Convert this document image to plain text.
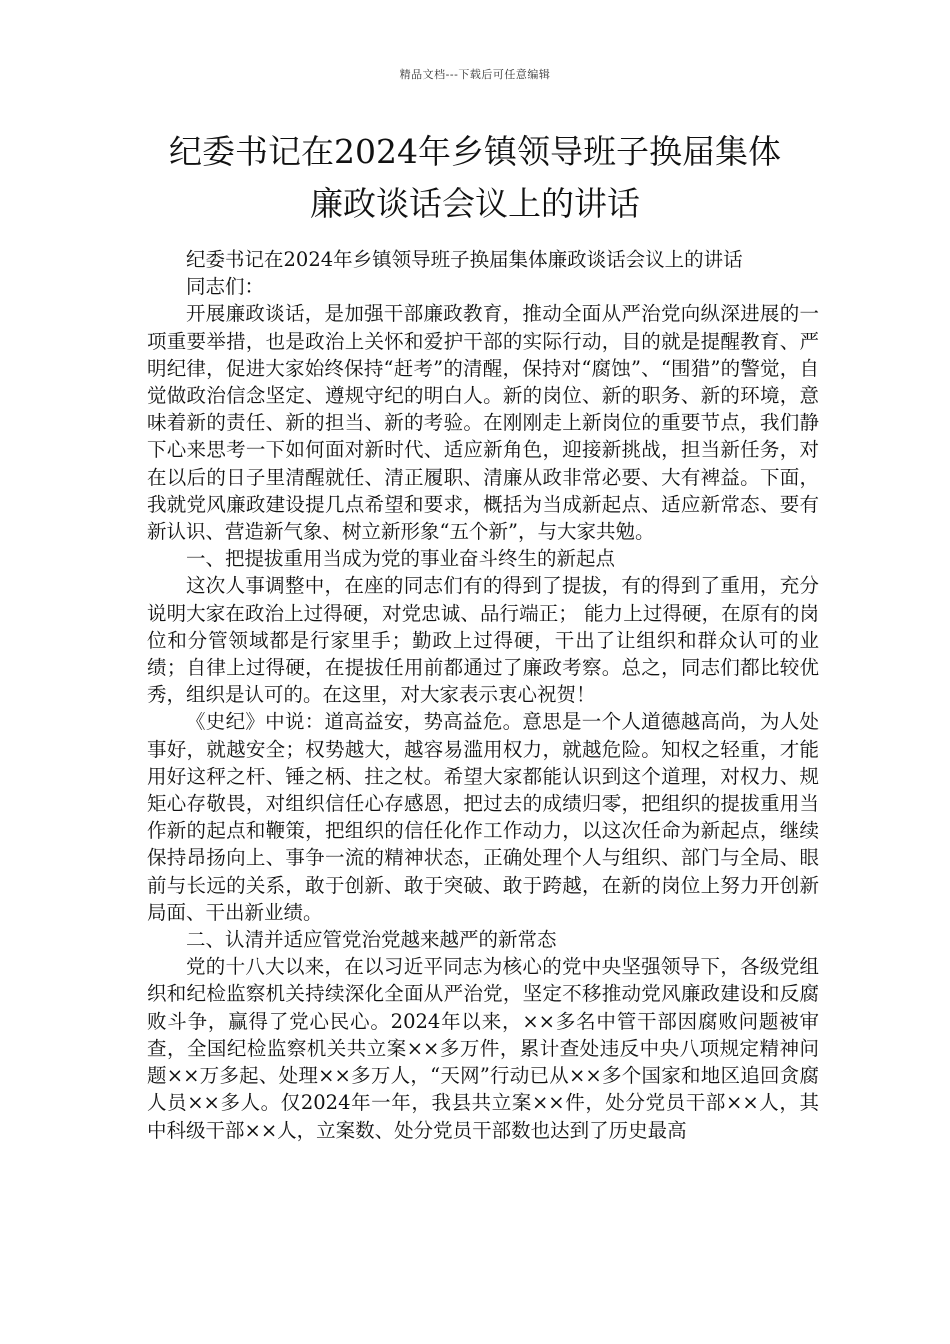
精品文档---下载后可任意编辑
纪委书记在2024年乡镇领导班子换届集体
廉政谈话会议上的讲话

纪委书记在2024年乡镇领导班子换届集体廉政谈话会议上的讲话

同志们：

开展廉政谈话，是加强干部廉政教育，推动全面从严治党向纵深进展的一项重要举措，也是政治上关怀和爱护干部的实际行动，目的就是提醒教育、严明纪律，促进大家始终保持“赶考”的清醒，保持对“腐蚀”、“围猎”的警觉，自觉做政治信念坚定、遵规守纪的明白人。新的岗位、新的职务、新的环境，意味着新的责任、新的担当、新的考验。在刚刚走上新岗位的重要节点，我们静下心来思考一下如何面对新时代、适应新角色，迎接新挑战，担当新任务，对在以后的日子里清醒就任、清正履职、清廉从政非常必要、大有裨益。下面，我就党风廉政建设提几点希望和要求，概括为当成新起点、适应新常态、要有新认识、营造新气象、树立新形象“五个新”，与大家共勉。

一、把提拔重用当成为党的事业奋斗终生的新起点

这次人事调整中，在座的同志们有的得到了提拔，有的得到了重用，充分说明大家在政治上过得硬，对党忠诚、品行端正； 能力上过得硬，在原有的岗位和分管领域都是行家里手；勤政上过得硬，干出了让组织和群众认可的业绩；自律上过得硬，在提拔任用前都通过了廉政考察。总之，同志们都比较优秀，组织是认可的。在这里，对大家表示衷心祝贺！

《史纪》中说：道高益安，势高益危。意思是一个人道德越高尚，为人处事好，就越安全；权势越大，越容易滥用权力，就越危险。知权之轻重，才能用好这秤之杆、锤之柄、拄之杖。希望大家都能认识到这个道理，对权力、规矩心存敬畏，对组织信任心存感恩，把过去的成绩归零，把组织的提拔重用当作新的起点和鞭策，把组织的信任化作工作动力，以这次任命为新起点，继续保持昂扬向上、事争一流的精神状态，正确处理个人与组织、部门与全局、眼前与长远的关系，敢于创新、敢于突破、敢于跨越，在新的岗位上努力开创新局面、干出新业绩。

二、认清并适应管党治党越来越严的新常态

党的十八大以来，在以习近平同志为核心的党中央坚强领导下，各级党组织和纪检监察机关持续深化全面从严治党，坚定不移推动党风廉政建设和反腐败斗争，赢得了党心民心。2024年以来，××多名中管干部因腐败问题被审查，全国纪检监察机关共立案××多万件，累计查处违反中央八项规定精神问题××万多起、处理××多万人，“天网”行动已从××多个国家和地区追回贪腐人员××多人。仅2024年一年，我县共立案××件，处分党员干部××人，其中科级干部××人，立案数、处分党员干部数也达到了历史最高
